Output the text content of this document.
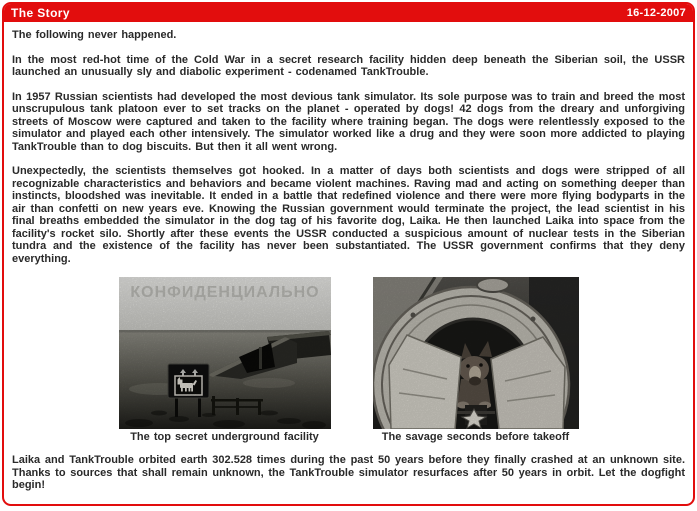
The Story	16-12-2007

The following never happened.

In the most red-hot time of the Cold War in a secret research facility hidden deep beneath the Siberian soil, the USSR launched an unusually sly and diabolic experiment - codenamed TankTrouble.

In 1957 Russian scientists had developed the most devious tank simulator. Its sole purpose was to train and breed the most unscrupulous tank platoon ever to set tracks on the planet - operated by dogs! 42 dogs from the dreary and unforgiving streets of Moscow were captured and taken to the facility where training began. The dogs were relentlessly exposed to the simulator and played each other intensively. The simulator worked like a drug and they were soon more addicted to playing TankTrouble than to dog biscuits. But then it all went wrong.

Unexpectedly, the scientists themselves got hooked. In a matter of days both scientists and dogs were stripped of all recognizable characteristics and behaviors and became violent machines. Raving mad and acting on something deeper than instincts, bloodshed was inevitable. It ended in a battle that redefined violence and there were more flying bodyparts in the air than confetti on new years eve. Knowing the Russian government would terminate the project, the lead scientist in his final breaths embedded the simulator in the dog tag of his favorite dog, Laika. He then launched Laika into space from the facility's rocket silo. Shortly after these events the USSR conducted a suspicious amount of nuclear tests in the Siberian tundra and the existence of the facility has never been substantiated. The USSR government confirms that they deny everything.

КОНФИДЕНЦИАЛЬНО
The top secret underground facility	The savage seconds before takeoff

Laika and TankTrouble orbited earth 302.528 times during the past 50 years before they finally crashed at an unknown site. Thanks to sources that shall remain unknown, the TankTrouble simulator resurfaces after 50 years in orbit. Let the dogfight begin!
